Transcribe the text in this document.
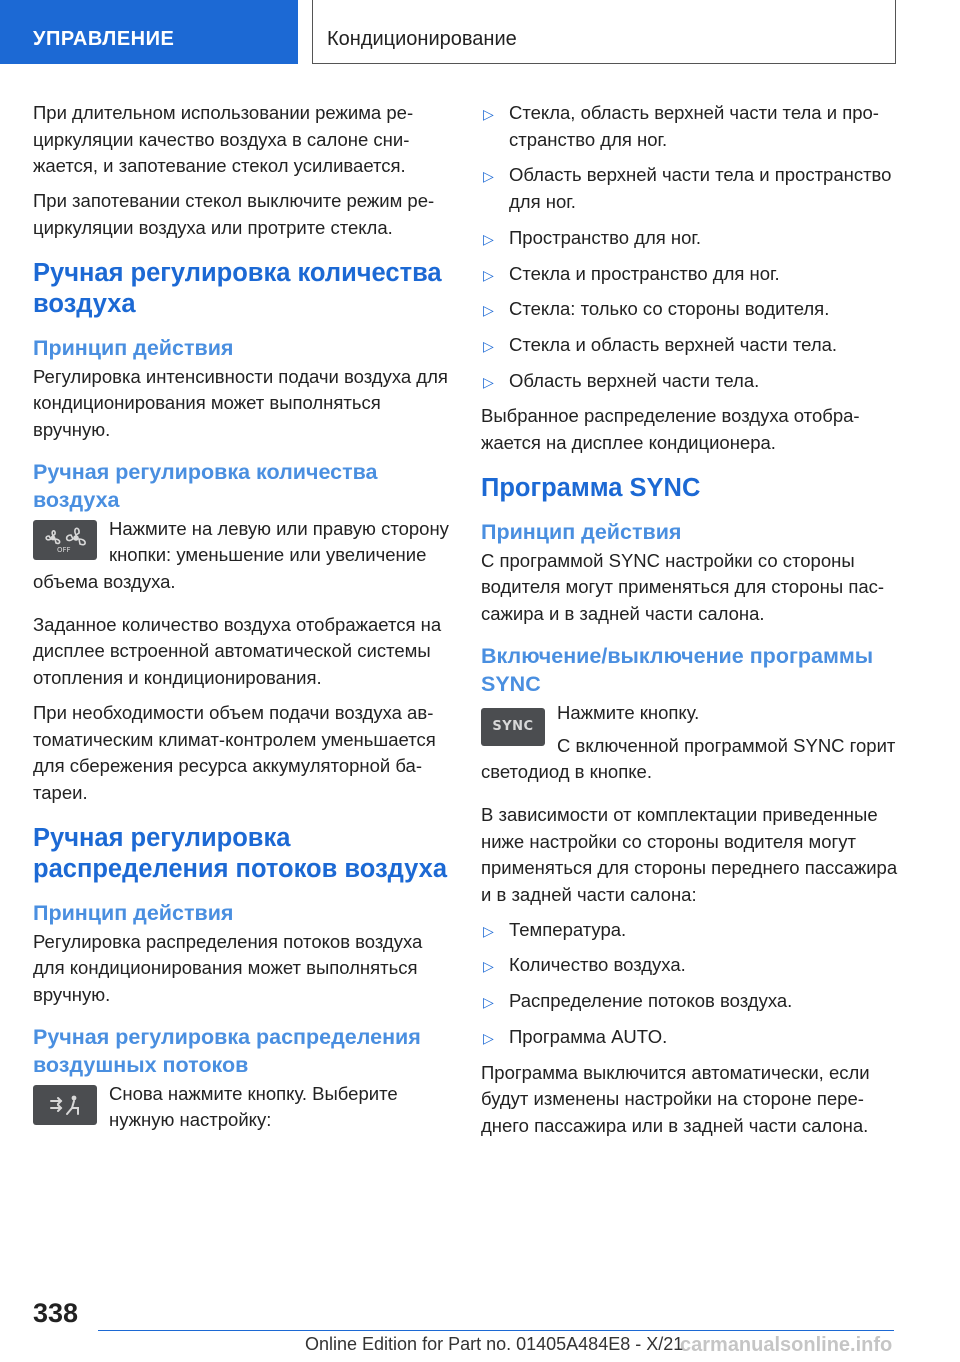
УПРАВЛЕНИЕ	Кондиционирование

При длительном использовании режима рециркуляции качество воздуха в салоне снижается, и запотевание стекол усиливается.

При запотевании стекол выключите режим рециркуляции воздуха или протрите стекла.

Ручная регулировка количества воздуха
Принцип действия

Регулировка интенсивности подачи воздуха для кондиционирования может выполняться вручную.

Ручная регулировка количества воздуха
OFF

Нажмите на левую или правую сторону кнопки: уменьшение или увеличение объема воздуха.

Заданное количество воздуха отображается на дисплее встроенной автоматической системы отопления и кондиционирования.

При необходимости объем подачи воздуха автоматическим климат-контролем уменьшается для сбережения ресурса аккумуляторной батареи.

Ручная регулировка распределения потоков воздуха
Принцип действия

Регулировка распределения потоков воздуха для кондиционирования может выполняться вручную.

Ручная регулировка распределения воздушных потоков

Снова нажмите кнопку. Выберите нужную настройку:

▷ Стекла, область верхней части тела и пространство для ног.
▷ Область верхней части тела и пространство для ног.
▷ Пространство для ног.
▷ Стекла и пространство для ног.
▷ Стекла: только со стороны водителя.
▷ Стекла и область верхней части тела.
▷ Область верхней части тела.

Выбранное распределение воздуха отображается на дисплее кондиционера.

Программа SYNC
Принцип действия

С программой SYNC настройки со стороны водителя могут применяться для стороны пассажира и в задней части салона.

Включение/выключение программы SYNC
SYNC

Нажмите кнопку.

С включенной программой SYNC горит светодиод в кнопке.

В зависимости от комплектации приведенные ниже настройки со стороны водителя могут применяться для стороны переднего пассажира и в задней части салона:

▷ Температура.
▷ Количество воздуха.
▷ Распределение потоков воздуха.
▷ Программа AUTO.

Программа выключится автоматически, если будут изменены настройки на стороне переднего пассажира или в задней части салона.

338
Online Edition for Part no. 01405A484E8 - X/21
carmanualsonline.info
